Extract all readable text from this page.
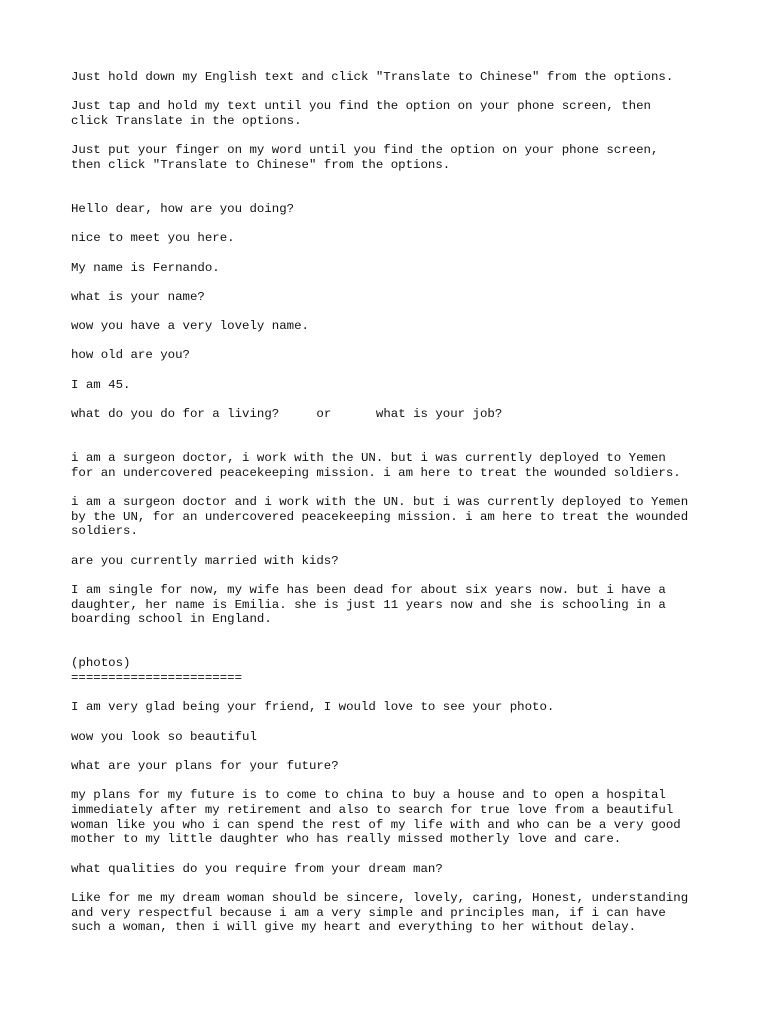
Just hold down my English text and click "Translate to Chinese" from the options.

Just tap and hold my text until you find the option on your phone screen, then
click Translate in the options.

Just put your finger on my word until you find the option on your phone screen,
then click "Translate to Chinese" from the options.

Hello dear, how are you doing?

nice to meet you here.

My name is Fernando.

what is your name?

wow you have a very lovely name.

how old are you?

I am 45.

what do you do for a living?	or	what is your job?

i am a surgeon doctor, i work with the UN. but i was currently deployed to Yemen
for an undercovered peacekeeping mission. i am here to treat the wounded soldiers.

i am a surgeon doctor and i work with the UN. but i was currently deployed to Yemen
by the UN, for an undercovered peacekeeping mission. i am here to treat the wounded
soldiers.

are you currently married with kids?

I am single for now, my wife has been dead for about six years now. but i have a
daughter, her name is Emilia. she is just 11 years now and she is schooling in a
boarding school in England.

(photos)

=======================

I am very glad being your friend, I would love to see your photo.

wow you look so beautiful

what are your plans for your future?

my plans for my future is to come to china to buy a house and to open a hospital
immediately after my retirement and also to search for true love from a beautiful
woman like you who i can spend the rest of my life with and who can be a very good
mother to my little daughter who has really missed motherly love and care.

what qualities do you require from your dream man?

Like for me my dream woman should be sincere, lovely, caring, Honest, understanding
and very respectful because i am a very simple and principles man, if i can have
such a woman, then i will give my heart and everything to her without delay.
